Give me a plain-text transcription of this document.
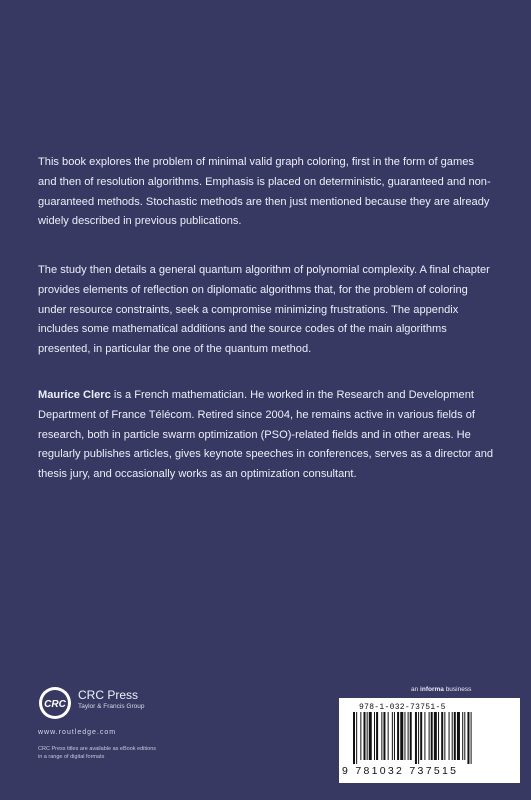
This book explores the problem of minimal valid graph coloring, first in the form of games and then of resolution algorithms. Emphasis is placed on deterministic, guaranteed and non-guaranteed methods. Stochastic methods are then just mentioned because they are already widely described in previous publications.

The study then details a general quantum algorithm of polynomial complexity. A final chapter provides elements of reflection on diplomatic algorithms that, for the problem of coloring under resource constraints, seek a compromise minimizing frustrations. The appendix includes some mathematical additions and the source codes of the main algorithms presented, in particular the one of the quantum method.

Maurice Clerc is a French mathematician. He worked in the Research and Development Department of France Télécom. Retired since 2004, he remains active in various fields of research, both in particle swarm optimization (PSO)-related fields and in other areas. He regularly publishes articles, gives keynote speeches in conferences, serves as a director and thesis jury, and occasionally works as an optimization consultant.

CRC
CRC Press
Taylor & Francis Group
www.routledge.com
CRC Press titles are available as eBook editions in a range of digital formats
an informa business
978-1-032-73751-5
9 781032 737515
